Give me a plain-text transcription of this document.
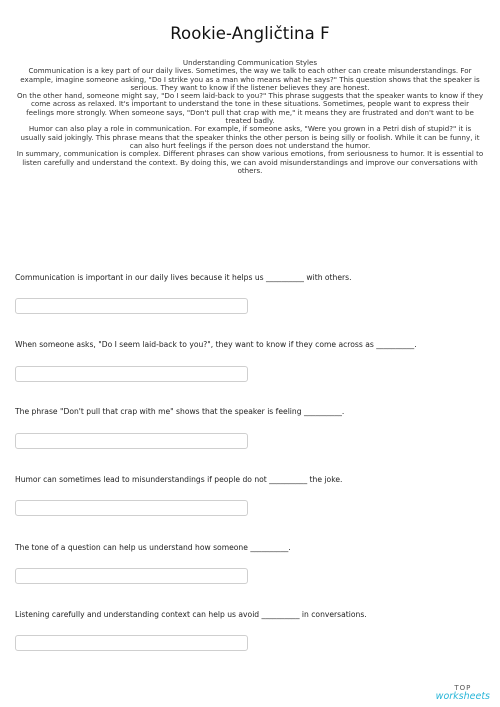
Rookie-Angličtina F

Understanding Communication Styles

Communication is a key part of our daily lives. Sometimes, the way we talk to each other can create misunderstandings. For example, imagine someone asking, "Do I strike you as a man who means what he says?" This question shows that the speaker is serious. They want to know if the listener believes they are honest.

On the other hand, someone might say, "Do I seem laid-back to you?" This phrase suggests that the speaker wants to know if they come across as relaxed. It's important to understand the tone in these situations. Sometimes, people want to express their feelings more strongly. When someone says, "Don't pull that crap with me," it means they are frustrated and don't want to be treated badly.

Humor can also play a role in communication. For example, if someone asks, "Were you grown in a Petri dish of stupid?" it is usually said jokingly. This phrase means that the speaker thinks the other person is being silly or foolish. While it can be funny, it can also hurt feelings if the person does not understand the humor.

In summary, communication is complex. Different phrases can show various emotions, from seriousness to humor. It is essential to listen carefully and understand the context. By doing this, we can avoid misunderstandings and improve our conversations with others.

Communication is important in our daily lives because it helps us __________ with others.
When someone asks, "Do I seem laid-back to you?", they want to know if they come across as __________.
The phrase "Don't pull that crap with me" shows that the speaker is feeling __________.
Humor can sometimes lead to misunderstandings if people do not __________ the joke.
The tone of a question can help us understand how someone __________.
Listening carefully and understanding context can help us avoid __________ in conversations.
TOP
worksheets
